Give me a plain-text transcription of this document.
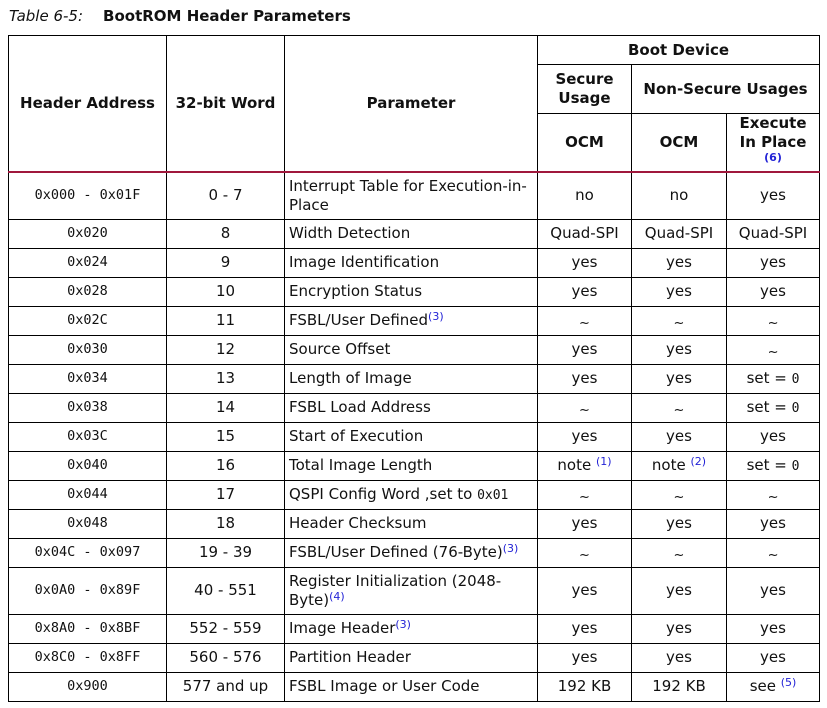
Table 6-5: BootROM Header Parameters
Header Address	32-bit Word	Parameter	Boot Device		
			Secure Usage	Non-Secure Usages	
			OCM	OCM	Execute In Place $^{(6)}$
0x000 - 0x01F	0 - 7	Interrupt Table for Execution-in-Place	no	no	yes
0x020	8	Width Detection	Quad-SPI	Quad-SPI	Quad-SPI
0x024	9	Image Identification	yes	yes	yes
0x028	10	Encryption Status	yes	yes	yes
0x02C	11	FSBL/User Defined$^{(3)}$	~	~	~
0x030	12	Source Offset	yes	yes	~
0x034	13	Length of Image	yes	yes	set = 0
0x038	14	FSBL Load Address	~	~	set = 0
0x03C	15	Start of Execution	yes	yes	yes
0x040	16	Total Image Length	note $^{(1)}$	note $^{(2)}$	set = 0
0x044	17	QSPI Config Word ,set to 0x01	~	~	~
0x048	18	Header Checksum	yes	yes	yes
0x04C - 0x097	19 - 39	FSBL/User Defined (76-Byte)$^{(3)}$	~	~	~
0x0A0 - 0x89F	40 - 551	Register Initialization (2048-Byte)$^{(4)}$	yes	yes	yes
0x8A0 - 0x8BF	552 - 559	Image Header$^{(3)}$	yes	yes	yes
0x8C0 - 0x8FF	560 - 576	Partition Header	yes	yes	yes
0x900	577 and up	FSBL Image or User Code	192 KB	192 KB	see $^{(5)}$
